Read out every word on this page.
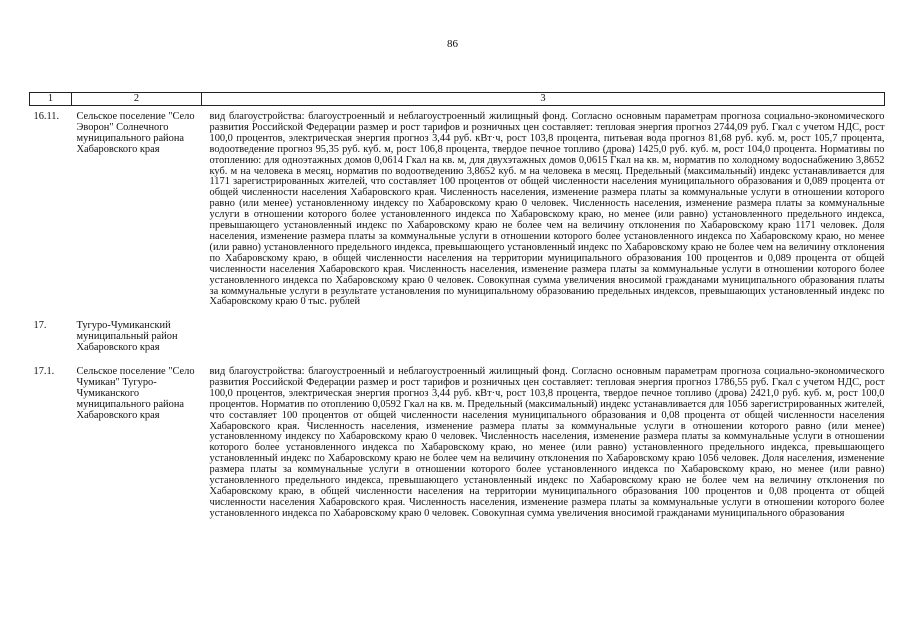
86
1	2	3

16.11.	Сельское поселение "Село Эворон" Солнечного муниципального района Хабаровского края	вид благоустройства: благоустроенный и неблагоустроенный жилищный фонд. Согласно основным параметрам прогноза социально-экономического развития Российской Федерации размер и рост тарифов и розничных цен составляет: тепловая энергия прогноз 2744,09 руб. Гкал с учетом НДС, рост 100,0 процентов, электрическая энергия прогноз 3,44 руб. кВт·ч, рост 103,8 процента, питьевая вода прогноз 81,68 руб. куб. м, рост 105,7 процента, водоотведение прогноз 95,35 руб. куб. м, рост 106,8 процента, твердое печное топливо (дрова) 1425,0 руб. куб. м, рост 104,0 процента. Нормативы по отоплению: для одноэтажных домов 0,0614 Гкал на кв. м, для двухэтажных домов 0,0615 Гкал на кв. м, норматив по холодному водоснабжению 3,8652 куб. м на человека в месяц, норматив по водоотведению 3,8652 куб. м на человека в месяц. Предельный (максимальный) индекс устанавливается для 1171 зарегистрированных жителей, что составляет 100 процентов от общей численности населения муниципального образования и 0,089 процента от общей численности населения Хабаровского края. Численность населения, изменение размера платы за коммунальные услуги в отношении которого равно (или менее) установленному индексу по Хабаровскому краю 0 человек. Численность населения, изменение размера платы за коммунальные услуги в отношении которого более установленного индекса по Хабаровскому краю, но менее (или равно) установленного предельного индекса, превышающего установленный индекс по Хабаровскому краю не более чем на величину отклонения по Хабаровскому краю 1171 человек. Доля населения, изменение размера платы за коммунальные услуги в отношении которого более установленного индекса по Хабаровскому краю, но менее (или равно) установленного предельного индекса, превышающего установленный индекс по Хабаровскому краю не более чем на величину отклонения по Хабаровскому краю, в общей численности населения на территории муниципального образования 100 процентов и 0,089 процента от общей численности населения Хабаровского края. Численность населения, изменение размера платы за коммунальные услуги в отношении которого более установленного индекса по Хабаровскому краю 0 человек. Совокупная сумма увеличения вносимой гражданами муниципального образования платы за коммунальные услуги в результате установления по муниципальному образованию предельных индексов, превышающих установленный индекс по Хабаровскому краю 0 тыс. рублей

17.	Тугуро-Чумиканский муниципальный район Хабаровского края	

17.1.	Сельское поселение "Село Чумикан" Тугуро-Чумиканского муниципального района Хабаровского края	вид благоустройства: благоустроенный и неблагоустроенный жилищный фонд. Согласно основным параметрам прогноза социально-экономического развития Российской Федерации размер и рост тарифов и розничных цен составляет: тепловая энергия прогноз 1786,55 руб. Гкал с учетом НДС, рост 100,0 процентов, электрическая энергия прогноз 3,44 руб. кВт·ч, рост 103,8 процента, твердое печное топливо (дрова) 2421,0 руб. куб. м, рост 100,0 процентов. Норматив по отоплению 0,0592 Гкал на кв. м. Предельный (максимальный) индекс устанавливается для 1056 зарегистрированных жителей, что составляет 100 процентов от общей численности населения муниципального образования и 0,08 процента от общей численности населения Хабаровского края. Численность населения, изменение размера платы за коммунальные услуги в отношении которого равно (или менее) установленному индексу по Хабаровскому краю 0 человек. Численность населения, изменение размера платы за коммунальные услуги в отношении которого более установленного индекса по Хабаровскому краю, но менее (или равно) установленного предельного индекса, превышающего установленный индекс по Хабаровскому краю не более чем на величину отклонения по Хабаровскому краю 1056 человек. Доля населения, изменение размера платы за коммунальные услуги в отношении которого более установленного индекса по Хабаровскому краю, но менее (или равно) установленного предельного индекса, превышающего установленный индекс по Хабаровскому краю не более чем на величину отклонения по Хабаровскому краю, в общей численности населения на территории муниципального образования 100 процентов и 0,08 процента от общей численности населения Хабаровского края. Численность населения, изменение размера платы за коммунальные услуги в отношении которого более установленного индекса по Хабаровскому краю 0 человек. Совокупная сумма увеличения вносимой гражданами муниципального образования
